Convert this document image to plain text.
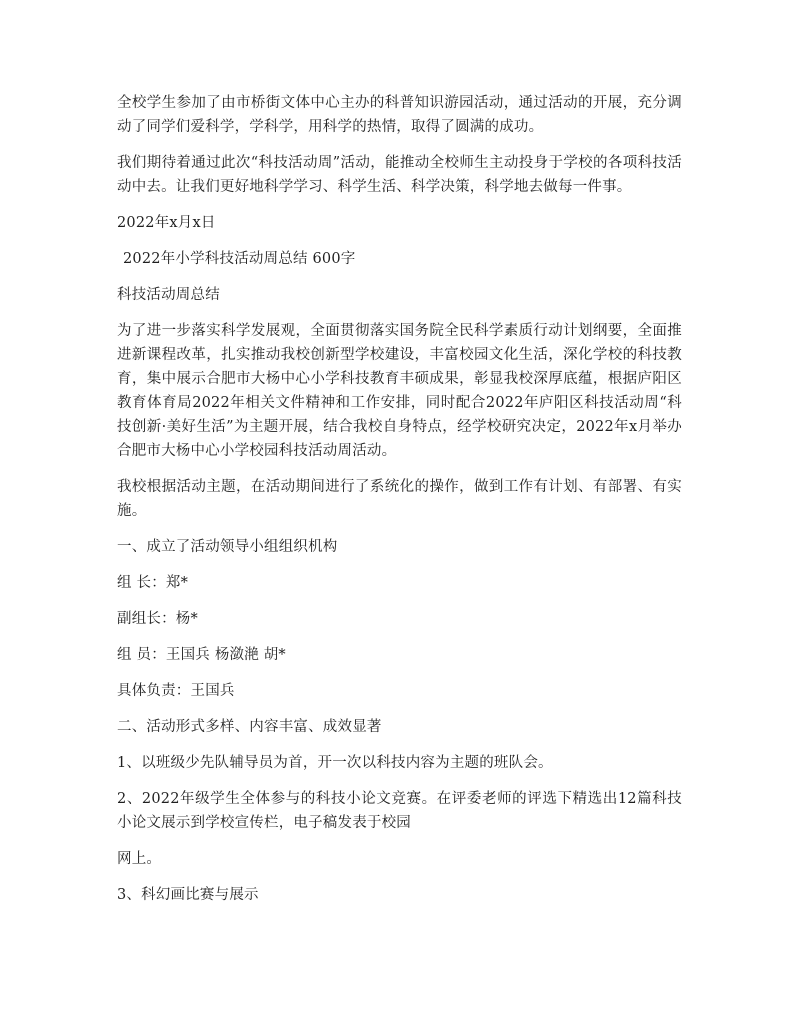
全校学生参加了由市桥街文体中心主办的科普知识游园活动，通过活动的开展，充分调动了同学们爱科学，学科学，用科学的热情，取得了圆满的成功。

我们期待着通过此次“科技活动周”活动，能推动全校师生主动投身于学校的各项科技活动中去。让我们更好地科学学习、科学生活、科学决策，科学地去做每一件事。

2022年x月x日

2022年小学科技活动周总结 600字

科技活动周总结

为了进一步落实科学发展观，全面贯彻落实国务院全民科学素质行动计划纲要，全面推进新课程改革，扎实推动我校创新型学校建设，丰富校园文化生活，深化学校的科技教育，集中展示合肥市大杨中心小学科技教育丰硕成果，彰显我校深厚底蕴，根据庐阳区教育体育局2022年相关文件精神和工作安排，同时配合2022年庐阳区科技活动周“科技创新·美好生活”为主题开展，结合我校自身特点，经学校研究决定，2022年x月举办合肥市大杨中心小学校园科技活动周活动。

我校根据活动主题，在活动期间进行了系统化的操作，做到工作有计划、有部署、有实施。

一、成立了活动领导小组组织机构

组 长：郑*

副组长：杨*

组 员：王国兵 杨潋滟 胡*

具体负责：王国兵

二、活动形式多样、内容丰富、成效显著

1、以班级少先队辅导员为首，开一次以科技内容为主题的班队会。

2、2022年级学生全体参与的科技小论文竞赛。在评委老师的评选下精选出12篇科技小论文展示到学校宣传栏，电子稿发表于校园

网上。

3、科幻画比赛与展示
